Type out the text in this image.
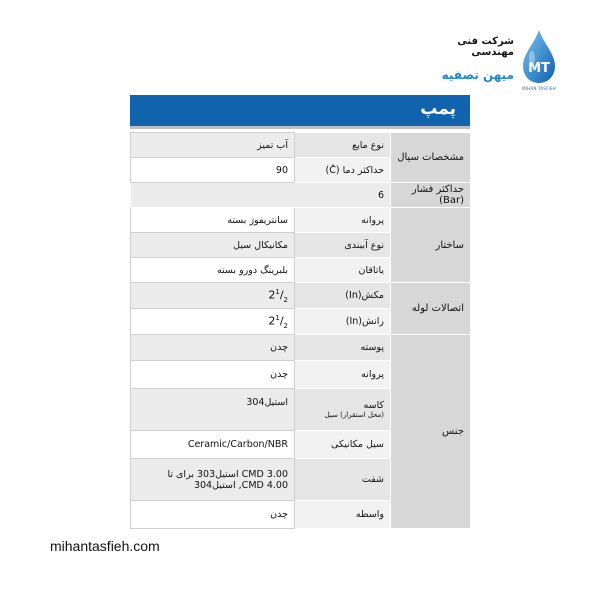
شرکت فنی مهندسی
میهن تصفیه MT
MIHAN TASFIEH
پمپ
آب تمیز	نوع مایع	مشخصات سیال
90	حداکثر دما (C̊)	
6		حداکثر فشار (Bar)
سانتریفوژ بسته	پروانه	ساختار
مکانیکال سیل	نوع آببندی	
بلبرینگ دورو بسته	یاتاقان	
$2^1/_2$	مکش(In)	اتصالات لوله
$2^1/_2$	رانش(In)	
چدن	پوسته	جنس
چدن	پروانه	
استیل304	کاسه
(محل استقرار) سیل	

Ceramic/Carbon/NBR	سیل مکانیکی	

استیل303 برای تا CMD 3.00
استیل304 ,CMD 4.00	شفت	
چدن	واسطه	
mihantasfieh.com
